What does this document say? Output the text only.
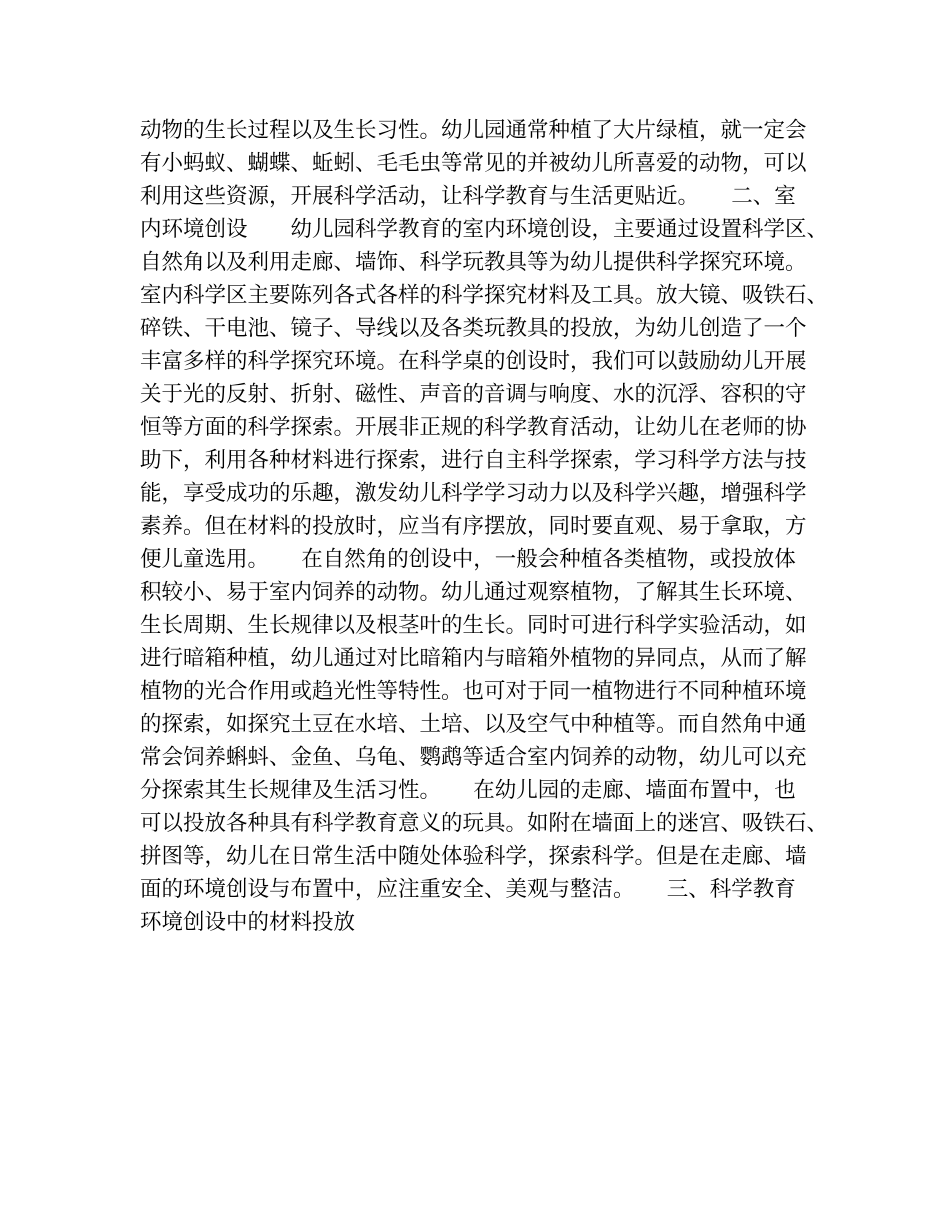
动物的生长过程以及生长习性。幼儿园通常种植了大片绿植，就一定会
有小蚂蚁、蝴蝶、蚯蚓、毛毛虫等常见的并被幼儿所喜爱的动物，可以
利用这些资源，开展科学活动，让科学教育与生活更贴近。　　二、室
内环境创设　　幼儿园科学教育的室内环境创设，主要通过设置科学区、
自然角以及利用走廊、墙饰、科学玩教具等为幼儿提供科学探究环境。
室内科学区主要陈列各式各样的科学探究材料及工具。放大镜、吸铁石、
碎铁、干电池、镜子、导线以及各类玩教具的投放，为幼儿创造了一个
丰富多样的科学探究环境。在科学桌的创设时，我们可以鼓励幼儿开展
关于光的反射、折射、磁性、声音的音调与响度、水的沉浮、容积的守
恒等方面的科学探索。开展非正规的科学教育活动，让幼儿在老师的协
助下，利用各种材料进行探索，进行自主科学探索，学习科学方法与技
能，享受成功的乐趣，激发幼儿科学学习动力以及科学兴趣，增强科学
素养。但在材料的投放时，应当有序摆放，同时要直观、易于拿取，方
便儿童选用。　　在自然角的创设中，一般会种植各类植物，或投放体
积较小、易于室内饲养的动物。幼儿通过观察植物，了解其生长环境、
生长周期、生长规律以及根茎叶的生长。同时可进行科学实验活动，如
进行暗箱种植，幼儿通过对比暗箱内与暗箱外植物的异同点，从而了解
植物的光合作用或趋光性等特性。也可对于同一植物进行不同种植环境
的探索，如探究土豆在水培、土培、以及空气中种植等。而自然角中通
常会饲养蝌蚪、金鱼、乌龟、鹦鹉等适合室内饲养的动物，幼儿可以充
分探索其生长规律及生活习性。　　在幼儿园的走廊、墙面布置中，也
可以投放各种具有科学教育意义的玩具。如附在墙面上的迷宫、吸铁石、
拼图等，幼儿在日常生活中随处体验科学，探索科学。但是在走廊、墙
面的环境创设与布置中，应注重安全、美观与整洁。　　三、科学教育
环境创设中的材料投放
